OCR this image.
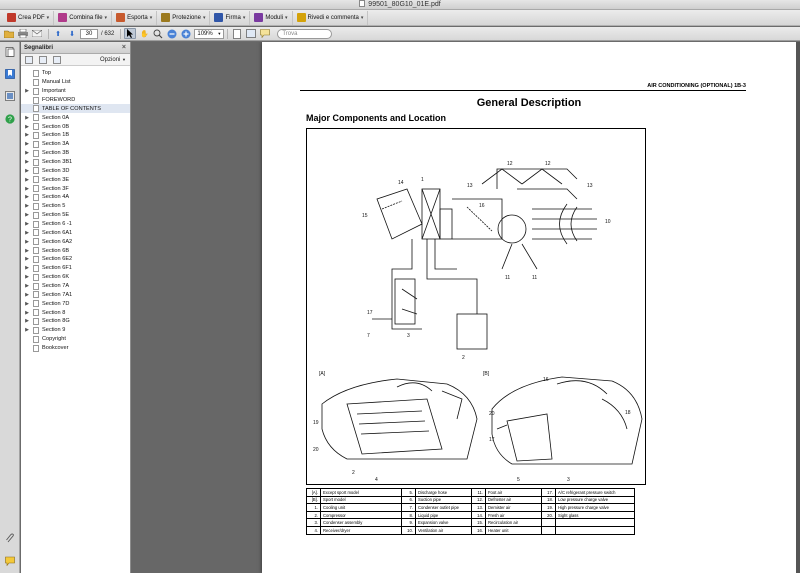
99501_80G10_01E.pdf
Crea PDF ▾	Combina file ▾	Esporta ▾	Protezione ▾	Firma ▾	Moduli ▾	Rivedi e commenta ▾
⬆	⬇	30	/ 632	✋	109% ▼	Trova
?
Segnalibri	×
Opzioni ▼
Top
Manual List
▶	Important
FOREWORD
TABLE OF CONTENTS
▶	Section 0A
▶	Section 0B
▶	Section 1B
▶	Section 3A
▶	Section 3B
▶	Section 3B1
▶	Section 3D
▶	Section 3E
▶	Section 3F
▶	Section 4A
▶	Section 5
▶	Section 5E
▶	Section 6 -1
▶	Section 6A1
▶	Section 6A2
▶	Section 6B
▶	Section 6E2
▶	Section 6F1
▶	Section 6K
▶	Section 7A
▶	Section 7A1
▶	Section 7D
▶	Section 8
▶	Section 8G
▶	Section 9
Copyright
Bookcover
AIR CONDITIONING (OPTIONAL) 1B-3
General Description
Major Components and Location
14
15
1
12	12
13	13
16
10
11	11
17
7
2
3
[A]	[B]
19
20
2
4	5	3
16
18
20
17
[A].	Except sport model	5.	Discharge hose	11.	Foot air	17.	A/C refrigerant pressure switch
[B].	Sport model	6.	Suction pipe	12.	Defroster air	18.	Low pressure charge valve
1.	Cooling unit	7.	Condenser outlet pipe	13.	Demister air	19.	High pressure charge valve
2.	Compressor	8.	Liquid pipe	14.	Fresh air	20.	Sight glass
3.	Condenser assembly	9.	Expansion valve	15.	Recirculation air		
4.	Receiver/dryer	10.	Ventilation air	16.	Heater unit		
